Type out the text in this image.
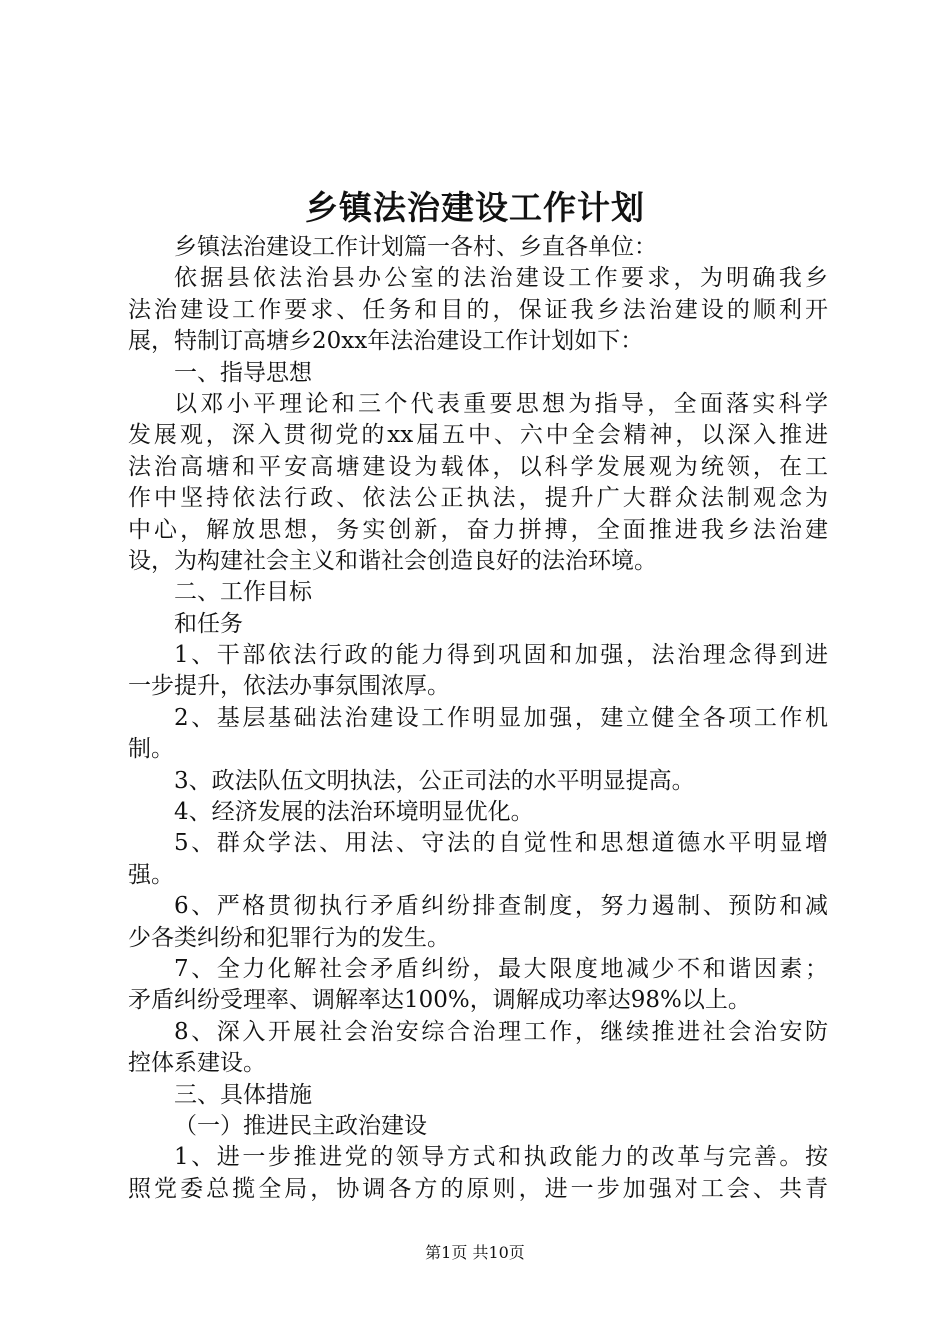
乡镇法治建设工作计划
乡镇法治建设工作计划篇一各村、乡直各单位：
依据县依法治县办公室的法治建设工作要求，为明确我乡
法治建设工作要求、任务和目的，保证我乡法治建设的顺利开
展，特制订高塘乡20xx年法治建设工作计划如下：
一、指导思想
以邓小平理论和三个代表重要思想为指导，全面落实科学
发展观，深入贯彻党的xx届五中、六中全会精神，以深入推进
法治高塘和平安高塘建设为载体，以科学发展观为统领，在工
作中坚持依法行政、依法公正执法，提升广大群众法制观念为
中心，解放思想，务实创新，奋力拼搏，全面推进我乡法治建
设，为构建社会主义和谐社会创造良好的法治环境。
二、工作目标
和任务
1、干部依法行政的能力得到巩固和加强，法治理念得到进
一步提升，依法办事氛围浓厚。
2、基层基础法治建设工作明显加强，建立健全各项工作机
制。
3、政法队伍文明执法，公正司法的水平明显提高。
4、经济发展的法治环境明显优化。
5、群众学法、用法、守法的自觉性和思想道德水平明显增
强。
6、严格贯彻执行矛盾纠纷排查制度，努力遏制、预防和减
少各类纠纷和犯罪行为的发生。
7、全力化解社会矛盾纠纷，最大限度地减少不和谐因素；
矛盾纠纷受理率、调解率达100%，调解成功率达98%以上。
8、深入开展社会治安综合治理工作，继续推进社会治安防
控体系建设。
三、具体措施
（一）推进民主政治建设
1、进一步推进党的领导方式和执政能力的改革与完善。按
照党委总揽全局，协调各方的原则，进一步加强对工会、共青
第1页 共10页
